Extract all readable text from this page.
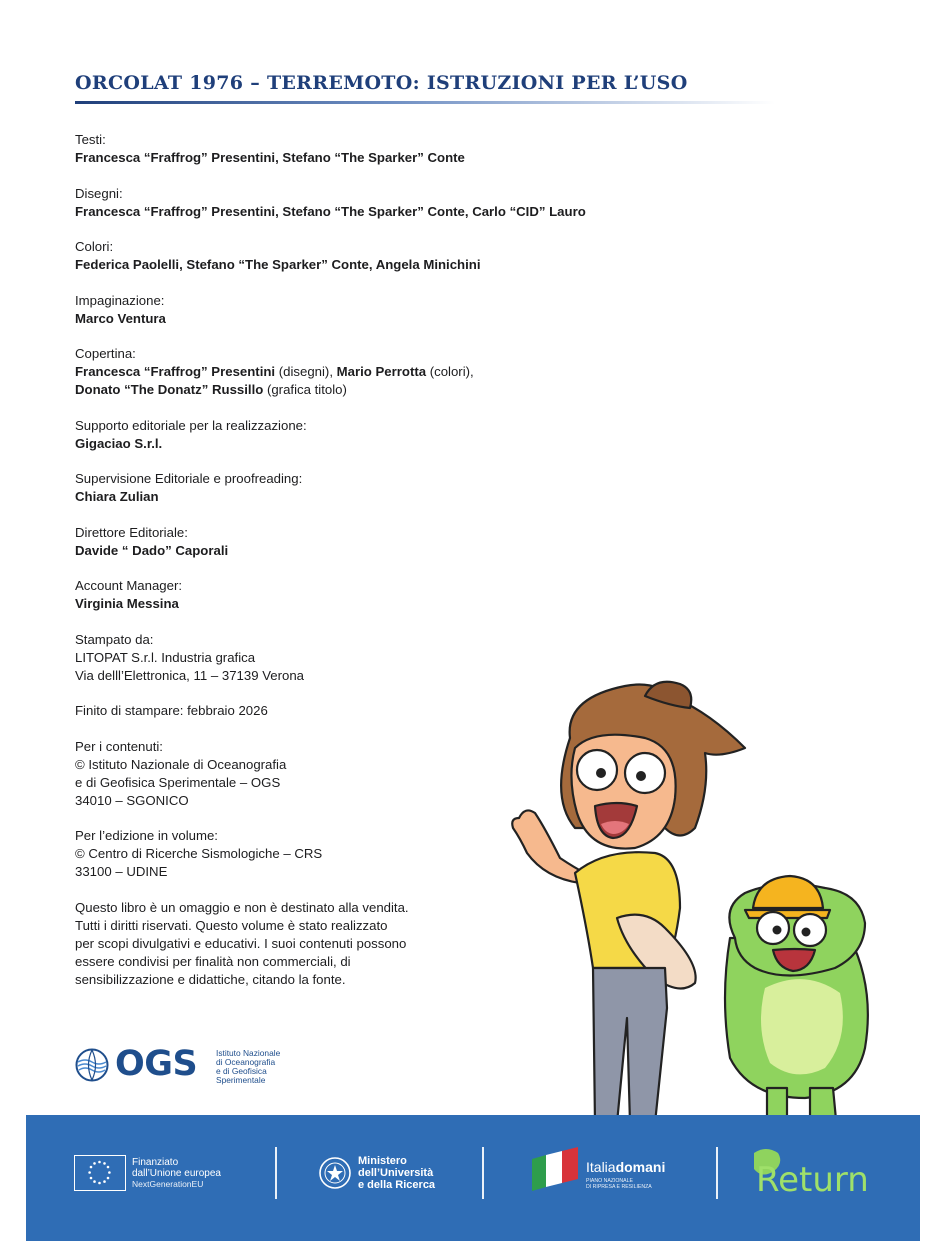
ORCOLAT 1976 – TERREMOTO: ISTRUZIONI PER L’USO
Testi:
Francesca “Fraffrog” Presentini, Stefano “The Sparker” Conte
Disegni:
Francesca “Fraffrog” Presentini, Stefano “The Sparker” Conte, Carlo “CID” Lauro
Colori:
Federica Paolelli, Stefano “The Sparker” Conte, Angela Minichini
Impaginazione:
Marco Ventura
Copertina:
Francesca “Fraffrog” Presentini (disegni), Mario Perrotta (colori),
Donato “The Donatz” Russillo (grafica titolo)
Supporto editoriale per la realizzazione:
Gigaciao S.r.l.
Supervisione Editoriale e proofreading:
Chiara Zulian
Direttore Editoriale:
Davide “ Dado” Caporali
Account Manager:
Virginia Messina
Stampato da:
LITOPAT S.r.l. Industria grafica
Via delll’Elettronica, 11 – 37139 Verona
Finito di stampare: febbraio 2026
Per i contenuti:
© Istituto Nazionale di Oceanografia
e di Geofisica Sperimentale – OGS
34010 – SGONICO
Per l’edizione in volume:
© Centro di Ricerche Sismologiche – CRS
33100 – UDINE
Questo libro è un omaggio e non è destinato alla vendita.
Tutti i diritti riservati. Questo volume è stato realizzato
per scopi divulgativi e educativi. I suoi contenuti possono
essere condivisi per finalità non commerciali, di
sensibilizzazione e didattiche, citando la fonte.
OGS Istituto Nazionale
di Oceanografia
e di Geofisica
Sperimentale
Finanziato
dall’Unione europea
NextGenerationEU
Ministero
dell’Università
e della Ricerca
Italiadomani
PIANO NAZIONALE
DI RIPRESA E RESILIENZA	Return
